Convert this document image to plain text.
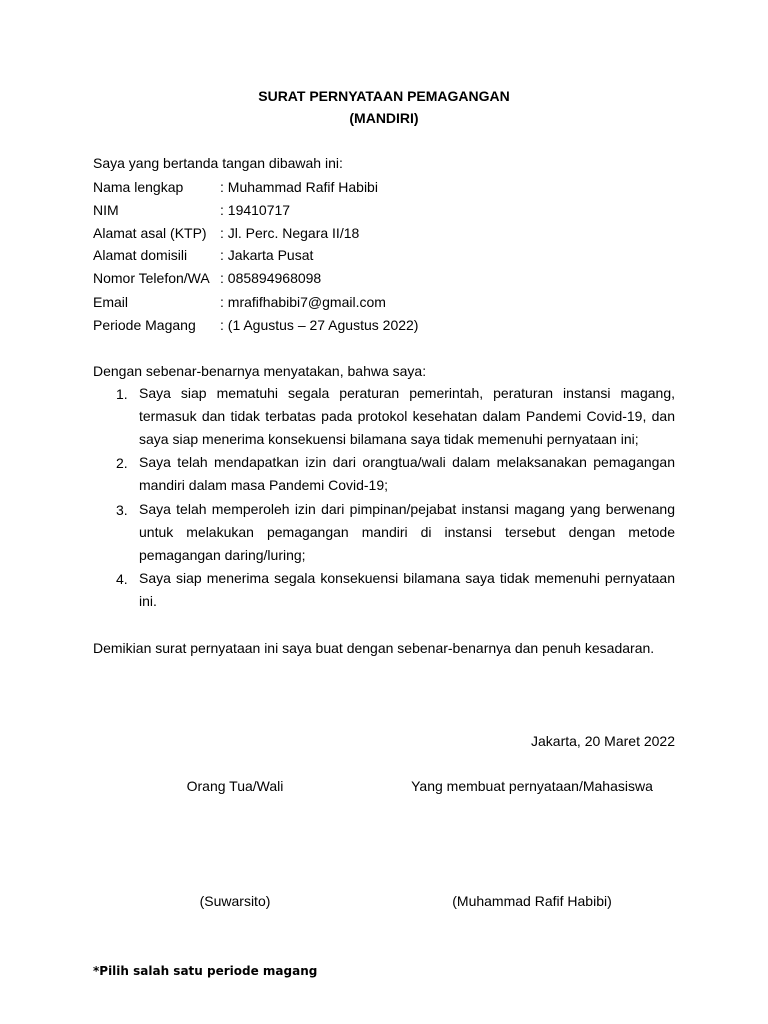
SURAT PERNYATAAN PEMAGANGAN
(MANDIRI)
Saya yang bertanda tangan dibawah ini:
Nama lengkap	: Muhammad Rafif Habibi
NIM	: 19410717
Alamat asal (KTP) : Jl. Perc. Negara II/18
Alamat domisili : Jakarta Pusat
Nomor Telefon/WA : 085894968098
Email	: mrafifhabibi7@gmail.com
Periode Magang : (1 Agustus – 27 Agustus 2022)
Dengan sebenar-benarnya menyatakan, bahwa saya:
1. Saya siap mematuhi segala peraturan pemerintah, peraturan instansi magang, termasuk dan tidak terbatas pada protokol kesehatan dalam Pandemi Covid-19, dan saya siap menerima konsekuensi bilamana saya tidak memenuhi pernyataan ini;
2. Saya telah mendapatkan izin dari orangtua/wali dalam melaksanakan pemagangan mandiri dalam masa Pandemi Covid-19;
3. Saya telah memperoleh izin dari pimpinan/pejabat instansi magang yang berwenang untuk melakukan pemagangan mandiri di instansi tersebut dengan metode pemagangan daring/luring;
4. Saya siap menerima segala konsekuensi bilamana saya tidak memenuhi pernyataan ini.
Demikian surat pernyataan ini saya buat dengan sebenar-benarnya dan penuh kesadaran.
Jakarta, 20 Maret 2022
Orang Tua/Wali	Yang membuat pernyataan/Mahasiswa
(Suwarsito)	(Muhammad Rafif Habibi)
*Pilih salah satu periode magang
